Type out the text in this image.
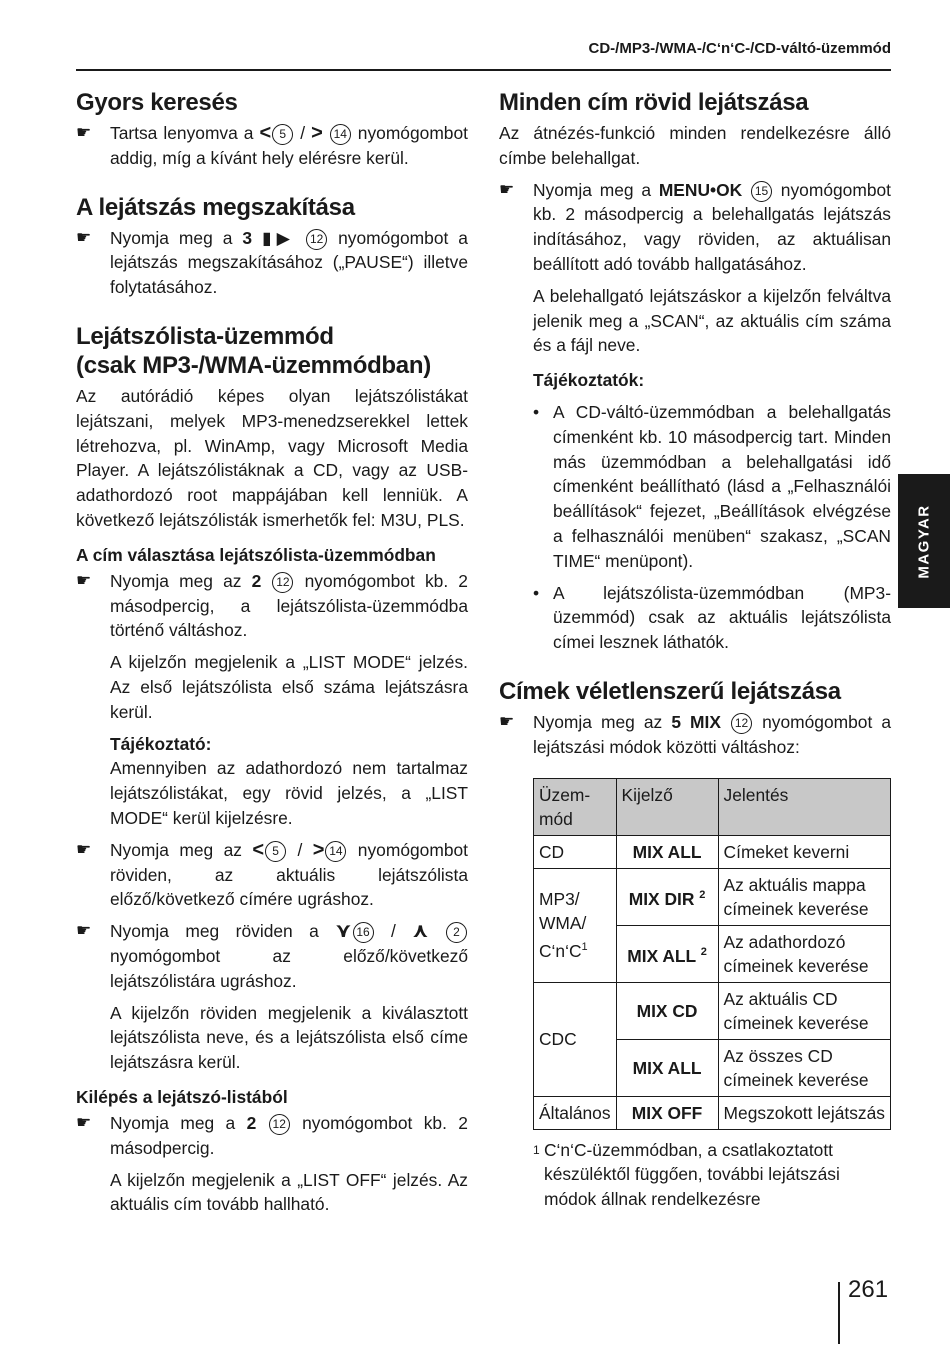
CD-/MP3-/WMA-/C‘n‘C-/CD-váltó-üzemmód
Gyors keresés
☛ Tartsa lenyomva a < 5 / > 14 nyomógombot addig, míg a kívánt hely elérésre kerül.
A lejátszás megszakítása
☛ Nyomja meg a 3 ▮▶ 12 nyomógombot a lejátszás megszakításához („PAUSE“) illetve folytatásához.
Lejátszólista-üzemmód
(csak MP3-/WMA-üzemmódban)

Az autórádió képes olyan lejátszólistákat lejátszani, melyek MP3-menedzserekkel lettek létrehozva, pl. WinAmp, vagy Microsoft Media Player. A lejátszólistáknak a CD, vagy az USB-adathordozó root mappájában kell lenniük. A következő lejátszólisták ismerhetők fel: M3U, PLS.

A cím választása lejátszólista-üzemmódban
☛ Nyomja meg az 2 12 nyomógombot kb. 2 másodpercig, a lejátszólista-üzemmódba történő váltáshoz.

A kijelzőn megjelenik a „LIST MODE“ jelzés. Az első lejátszólista első száma lejátszásra kerül.

Tájékoztató:

Amennyiben az adathordozó nem tartalmaz lejátszólistákat, egy rövid jelzés, a „LIST MODE“ kerül kijelzésre.

☛ Nyomja meg az < 5 / > 14 nyomógombot röviden, az aktuális lejátszólista előző/következő címére ugráshoz.
☛ Nyomja meg röviden a ⋎ 16 / ⋏ 2 nyomógombot az előző/következő lejátszólistára ugráshoz.

A kijelzőn röviden megjelenik a kiválasztott lejátszólista neve, és a lejátszólista első címe lejátszásra kerül.

Kilépés a lejátszó-listából
☛ Nyomja meg a 2 12 nyomógombot kb. 2 másodpercig.

A kijelzőn megjelenik a „LIST OFF“ jelzés. Az aktuális cím tovább hallható.

Minden cím rövid lejátszása

Az átnézés-funkció minden rendelkezésre álló címbe belehallgat.

☛ Nyomja meg a MENU•OK 15 nyomógombot kb. 2 másodpercig a belehallgatás lejátszás indításához, vagy röviden, az aktuálisan beállított adó tovább hallgatásához.

A belehallgató lejátszáskor a kijelzőn felváltva jelenik meg a „SCAN“, az aktuális cím száma és a fájl neve.

Tájékoztatók:

• A CD-váltó-üzemmódban a belehallgatás címenként kb. 10 másodpercig tart. Minden más üzemmódban a belehallgatási idő címenként beállítható (lásd a „Felhasználói beállítások“ fejezet, „Beállítások elvégzése a felhasználói menüben“ szakasz, „SCAN TIME“ menüpont).
• A lejátszólista-üzemmódban (MP3-üzemmód) csak az aktuális lejátszólista címei lesznek láthatók.
Címek véletlenszerű lejátszása
☛ Nyomja meg az 5 MIX 12 nyomógombot a lejátszási módok közötti váltáshoz:
Üzem-mód	Kijelző	Jelentés
CD	MIX ALL	Címeket keverni
MP3/ WMA/ $C‘n‘C^1$	MIX DIR $^2$	Az aktuális mappa címeinek keverése
	MIX ALL $^2$	Az adathordozó címeinek keverése
CDC	MIX CD	Az aktuális CD címeinek keverése
	MIX ALL	Az összes CD címeinek keverése
Általános	MIX OFF	Megszokott lejátszás
1 C‘n‘C-üzemmódban, a csatlakoztatott készüléktől függően, további lejátszási módok állnak rendelkezésre
MAGYAR
261
